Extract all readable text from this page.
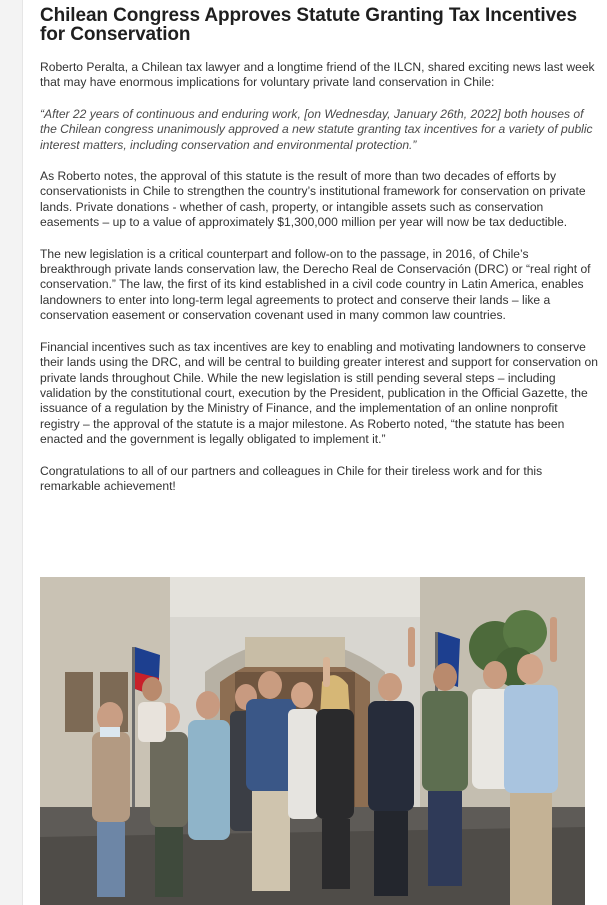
Chilean Congress Approves Statute Granting Tax Incentives for Conservation

Roberto Peralta, a Chilean tax lawyer and a longtime friend of the ILCN, shared exciting news last week that may have enormous implications for voluntary private land conservation in Chile:

“After 22 years of continuous and enduring work, [on Wednesday, January 26th, 2022] both houses of the Chilean congress unanimously approved a new statute granting tax incentives for a variety of public interest matters, including conservation and environmental protection.”

As Roberto notes, the approval of this statute is the result of more than two decades of efforts by conservationists in Chile to strengthen the country’s institutional framework for conservation on private lands. Private donations - whether of cash, property, or intangible assets such as conservation easements – up to a value of approximately $1,300,000 million per year will now be tax deductible.

The new legislation is a critical counterpart and follow-on to the passage, in 2016, of Chile’s breakthrough private lands conservation law, the Derecho Real de Conservación (DRC) or “real right of conservation.” The law, the first of its kind established in a civil code country in Latin America, enables landowners to enter into long-term legal agreements to protect and conserve their lands – like a conservation easement or conservation covenant used in many common law countries.

Financial incentives such as tax incentives are key to enabling and motivating landowners to conserve their lands using the DRC, and will be central to building greater interest and support for conservation on private lands throughout Chile. While the new legislation is still pending several steps – including validation by the constitutional court, execution by the President, publication in the Official Gazette, the issuance of a regulation by the Ministry of Finance, and the implementation of an online nonprofit registry – the approval of the statute is a major milestone. As Roberto noted, “the statute has been enacted and the government is legally obligated to implement it.”

Congratulations to all of our partners and colleagues in Chile for their tireless work and for this remarkable achievement!
